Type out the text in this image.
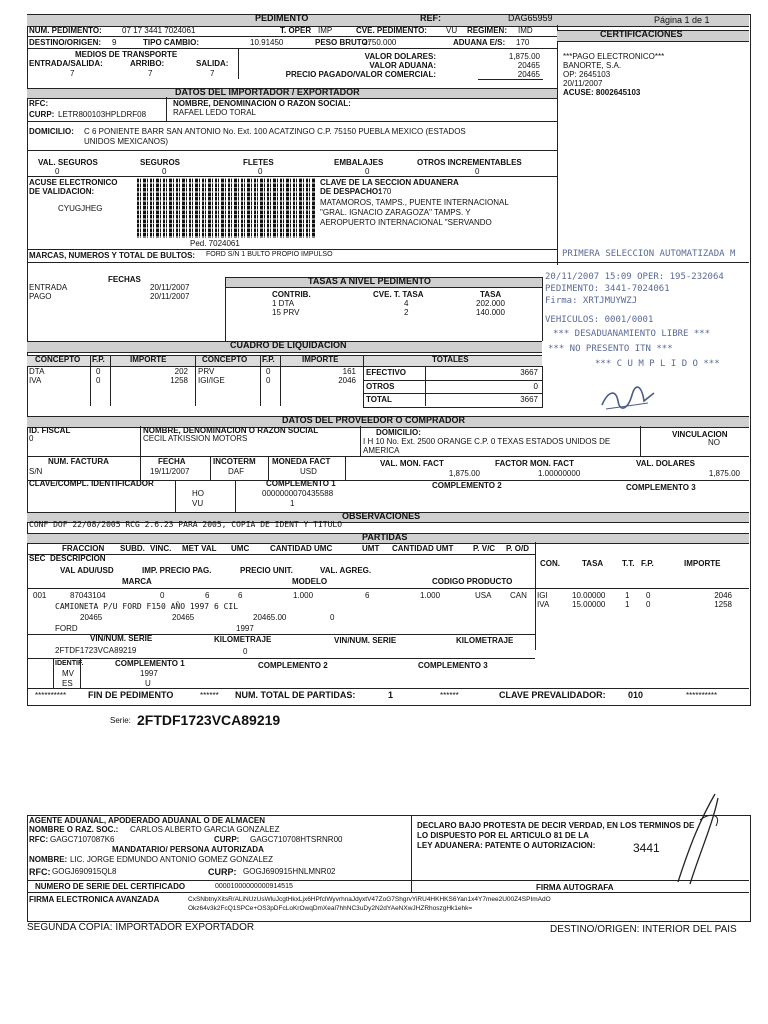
PEDIMENTO	REF:	DAG65959	Página 1 de 1
NUM. PEDIMENTO:	07 17 3441 7024061	T. OPER IMP	CVE. PEDIMENTO: VU REGIMEN: IMD	CERTIFICACIONES
***PAGO ELECTRONICO***
BANORTE, S.A.
OP: 2645103
20/11/2007
ACUSE: 8002645103
DESTINO/ORIGEN: 9	TIPO CAMBIO:	10.91450	PESO BRUTO:
2750.000	ADUANA E/S: 170
MEDIOS DE TRANSPORTE
ENTRADA/SALIDA:	ARRIBO:	SALIDA:
7	7	7
VALOR DOLARES:	1,875.00
VALOR ADUANA:	20465
PRECIO PAGADO/VALOR COMERCIAL:	20465
DATOS DEL IMPORTADOR / EXPORTADOR
RFC:
CURP: LETR800103HPLDRF08
NOMBRE, DENOMINACION O RAZON SOCIAL:
RAFAEL LEDO TORAL
DOMICILIO: C 6 PONIENTE BARR SAN ANTONIO No. Ext. 100 ACATZINGO C.P. 75150 PUEBLA MEXICO (ESTADOS
UNIDOS MEXICANOS)
VAL. SEGUROS	SEGUROS	FLETES	EMBALAJES	OTROS INCREMENTABLES
0	0	0	0	0
ACUSE ELECTRONICO
DE VALIDACION:
CYUGJHEG
Ped. 7024061
CLAVE DE LA SECCION ADUANERA
DE DESPACHO:
170
MATAMOROS, TAMPS., PUENTE INTERNACIONAL
"GRAL. IGNACIO ZARAGOZA" TAMPS. Y
AEROPUERTO INTERNACIONAL "SERVANDO
MARCAS, NUMEROS Y TOTAL DE BULTOS: FORD S/N 1 BULTO PROPIO IMPULSO
FECHAS
ENTRADA	20/11/2007
PAGO	20/11/2007
TASAS A NIVEL PEDIMENTO
CONTRIB.	CVE. T. TASA	TASA
1 DTA	4	202.000
15 PRV	2	140.000
CUADRO DE LIQUIDACION
CONCEPTO F.P.	IMPORTE	CONCEPTO F.P.	IMPORTE	TOTALES
DTA	0	202
IVA	0	1258
PRV	0	161
IGI/IGE	0	2046
EFECTIVO	3667
OTROS	0
TOTAL	3667
PRIMERA SELECCION AUTOMATIZADA M
20/11/2007 15:09 OPER: 195-232064
PEDIMENTO: 3441-7024061
Firma: XRTJMUYWZJ
VEHICULOS: 0001/0001
*** DESADUANAMIENTO LIBRE ***
*** NO PRESENTO ITN ***
*** C U M P L I D O ***
DATOS DEL PROVEEDOR O COMPRADOR
ID. FISCAL
0
NOMBRE, DENOMINACION O RAZON SOCIAL
CECIL ATKISSION MOTORS
DOMICILIO:
I H 10 No. Ext. 2500 ORANGE C.P. 0 TEXAS ESTADOS UNIDOS DE
AMERICA
VINCULACION
NO
NUM. FACTURA
S/N
FECHA
19/11/2007
INCOTERM
DAF
MONEDA FACT
USD
VAL. MON. FACT
1,875.00
FACTOR MON. FACT
1.00000000
VAL. DOLARES
1,875.00
CLAVE/COMPL. IDENTIFICADOR
HO
VU
COMPLEMENTO 1
0000000070435588
1
COMPLEMENTO 2	COMPLEMENTO 3
OBSERVACIONES
CONF DOF 22/08/2005 RCG 2.6.23 PARA 2005, COPIA DE IDENT Y TITULO
PARTIDAS
FRACCION SUBD. VINC. MET VAL UMC	CANTIDAD UMC	UMT CANTIDAD UMT P. V/C P. O/D
SEC DESCRIPCION
VAL ADU/USD	IMP. PRECIO PAG.	PRECIO UNIT.	VAL. AGREG.
MARCA	MODELO	CODIGO PRODUCTO
CON.	TASA T.T. F.P.	IMPORTE
001	87043104	0	6	6	1.000	6	1.000	USA CAN
CAMIONETA P/U FORD F150 AÑO 1997 6 CIL
20465	20465	20465.00	0
FORD	1997
IGI	10.00000 1 0	2046
IVA	15.00000 1 0	1258
VIN/NUM. SERIE	KILOMETRAJE	VIN/NUM. SERIE	KILOMETRAJE
2FTDF1723VCA89219	0
IDENTIF.	COMPLEMENTO 1	COMPLEMENTO 2	COMPLEMENTO 3
MV	1997
ES	U
********** FIN DE PEDIMENTO	****** NUM. TOTAL DE PARTIDAS:	1	******	CLAVE PREVALIDADOR: 010	**********
Serie: 2FTDF1723VCA89219
AGENTE ADUANAL, APODERADO ADUANAL O DE ALMACEN
NOMBRE O RAZ. SOC.: CARLOS ALBERTO GARCIA GONZALEZ
RFC: GAGC7107087K6	CURP: GAGC710708HTSRNR00
MANDATARIO/ PERSONA AUTORIZADA
NOMBRE: LIC. JORGE EDMUNDO ANTONIO GOMEZ GONZALEZ
RFC: GOGJ690915QL8	CURP: GOGJ690915HNLMNR02
NUMERO DE SERIE DEL CERTIFICADO	00001000000000914515	FIRMA AUTOGRAFA
FIRMA ELECTRONICA AVANZADA	CxSNbtnyXitsR/ALiNUzUsWluJcgtHkxLjx6HPfclWyvrhnaJdyxtV47ZoG7ShgrvYiRU4HKHKS6Yan1x4Y7mee2U00Z4SPImAdO
Okz64v3k2FcQ1SPCe+OS3pDFcLoKrOwqDmXeal7hhNC3uDy2N2dYAeNXwJHZRhoszgHk1ehk=
DECLARO BAJO PROTESTA DE DECIR VERDAD, EN LOS TERMINOS DE
LO DISPUESTO POR EL ARTICULO 81 DE LA
LEY ADUANERA: PATENTE O AUTORIZACION:	3441
SEGUNDA COPIA: IMPORTADOR EXPORTADOR	DESTINO/ORIGEN: INTERIOR DEL PAIS
